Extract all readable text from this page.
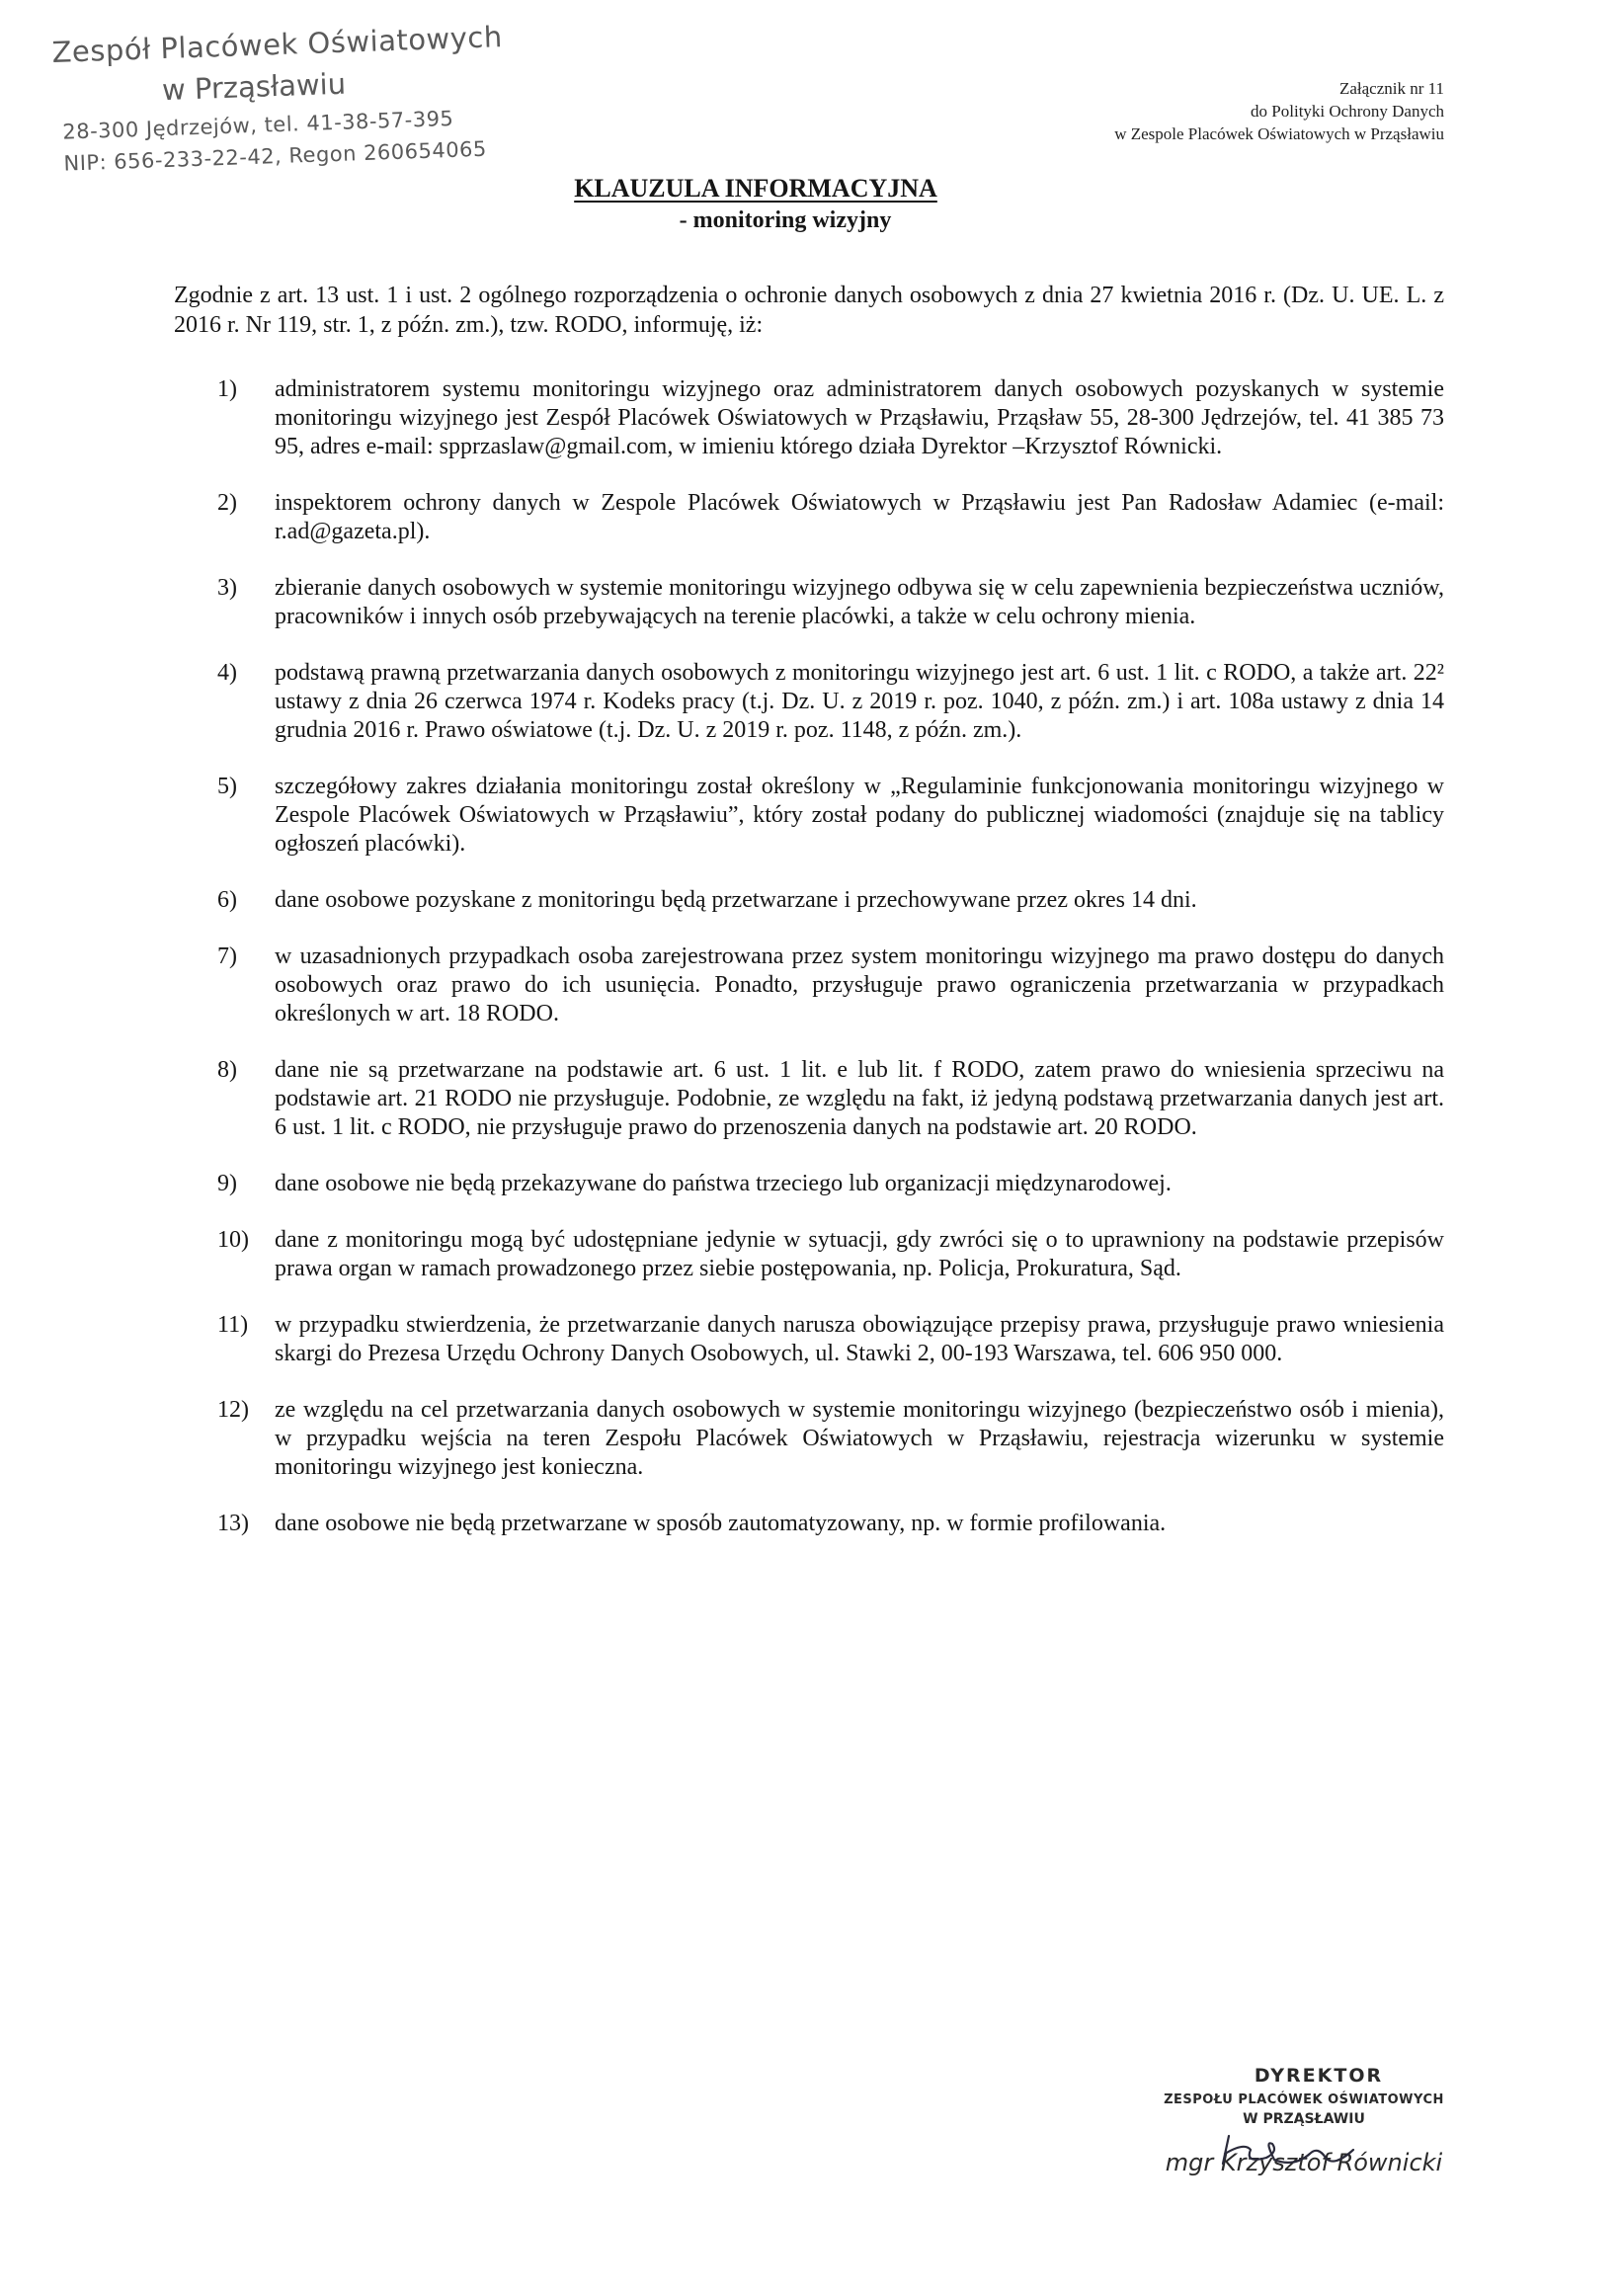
Zespół Placówek Oświatowych
w Prząsławiu
28-300 Jędrzejów, tel. 41-38-57-395
NIP: 656-233-22-42, Regon 260654065
Załącznik nr 11
do Polityki Ochrony Danych
w Zespole Placówek Oświatowych w Prząsławiu
KLAUZULA INFORMACYJNA
- monitoring wizyjny
Zgodnie z art. 13 ust. 1 i ust. 2 ogólnego rozporządzenia o ochronie danych osobowych z dnia 27 kwietnia 2016 r. (Dz. U. UE. L. z 2016 r. Nr 119, str. 1, z późn. zm.), tzw. RODO, informuję, iż:
1)	administratorem systemu monitoringu wizyjnego oraz administratorem danych osobowych pozyskanych w systemie monitoringu wizyjnego jest Zespół Placówek Oświatowych w Prząsławiu, Prząsław 55, 28-300 Jędrzejów, tel. 41 385 73 95, adres e-mail: spprzaslaw@gmail.com, w imieniu którego działa Dyrektor –Krzysztof Równicki.
2)	inspektorem ochrony danych w Zespole Placówek Oświatowych w Prząsławiu jest Pan Radosław Adamiec (e-mail: r.ad@gazeta.pl).
3)	zbieranie danych osobowych w systemie monitoringu wizyjnego odbywa się w celu zapewnienia bezpieczeństwa uczniów, pracowników i innych osób przebywających na terenie placówki, a także w celu ochrony mienia.
4)	podstawą prawną przetwarzania danych osobowych z monitoringu wizyjnego jest art. 6 ust. 1 lit. c RODO, a także art. 22² ustawy z dnia 26 czerwca 1974 r. Kodeks pracy (t.j. Dz. U. z 2019 r. poz. 1040, z późn. zm.) i art. 108a ustawy z dnia 14 grudnia 2016 r. Prawo oświatowe (t.j. Dz. U. z 2019 r. poz. 1148, z późn. zm.).
5)	szczegółowy zakres działania monitoringu został określony w „Regulaminie funkcjonowania monitoringu wizyjnego w Zespole Placówek Oświatowych w Prząsławiu”, który został podany do publicznej wiadomości (znajduje się na tablicy ogłoszeń placówki).
6)	dane osobowe pozyskane z monitoringu będą przetwarzane i przechowywane przez okres 14 dni.
7)	w uzasadnionych przypadkach osoba zarejestrowana przez system monitoringu wizyjnego ma prawo dostępu do danych osobowych oraz prawo do ich usunięcia. Ponadto, przysługuje prawo ograniczenia przetwarzania w przypadkach określonych w art. 18 RODO.
8)	dane nie są przetwarzane na podstawie art. 6 ust. 1 lit. e lub lit. f RODO, zatem prawo do wniesienia sprzeciwu na podstawie art. 21 RODO nie przysługuje. Podobnie, ze względu na fakt, iż jedyną podstawą przetwarzania danych jest art. 6 ust. 1 lit. c RODO, nie przysługuje prawo do przenoszenia danych na podstawie art. 20 RODO.
9)	dane osobowe nie będą przekazywane do państwa trzeciego lub organizacji międzynarodowej.
10)	dane z monitoringu mogą być udostępniane jedynie w sytuacji, gdy zwróci się o to uprawniony na podstawie przepisów prawa organ w ramach prowadzonego przez siebie postępowania, np. Policja, Prokuratura, Sąd.
11)	w przypadku stwierdzenia, że przetwarzanie danych narusza obowiązujące przepisy prawa, przysługuje prawo wniesienia skargi do Prezesa Urzędu Ochrony Danych Osobowych, ul. Stawki 2, 00-193 Warszawa, tel. 606 950 000.
12)	ze względu na cel przetwarzania danych osobowych w systemie monitoringu wizyjnego (bezpieczeństwo osób i mienia), w przypadku wejścia na teren Zespołu Placówek Oświatowych w Prząsławiu, rejestracja wizerunku w systemie monitoringu wizyjnego jest konieczna.
13)	dane osobowe nie będą przetwarzane w sposób zautomatyzowany, np. w formie profilowania.
DYREKTOR
ZESPOŁU PLACÓWEK OŚWIATOWYCH
W PRZĄSŁAWIU
mgr Krzysztof Równicki
